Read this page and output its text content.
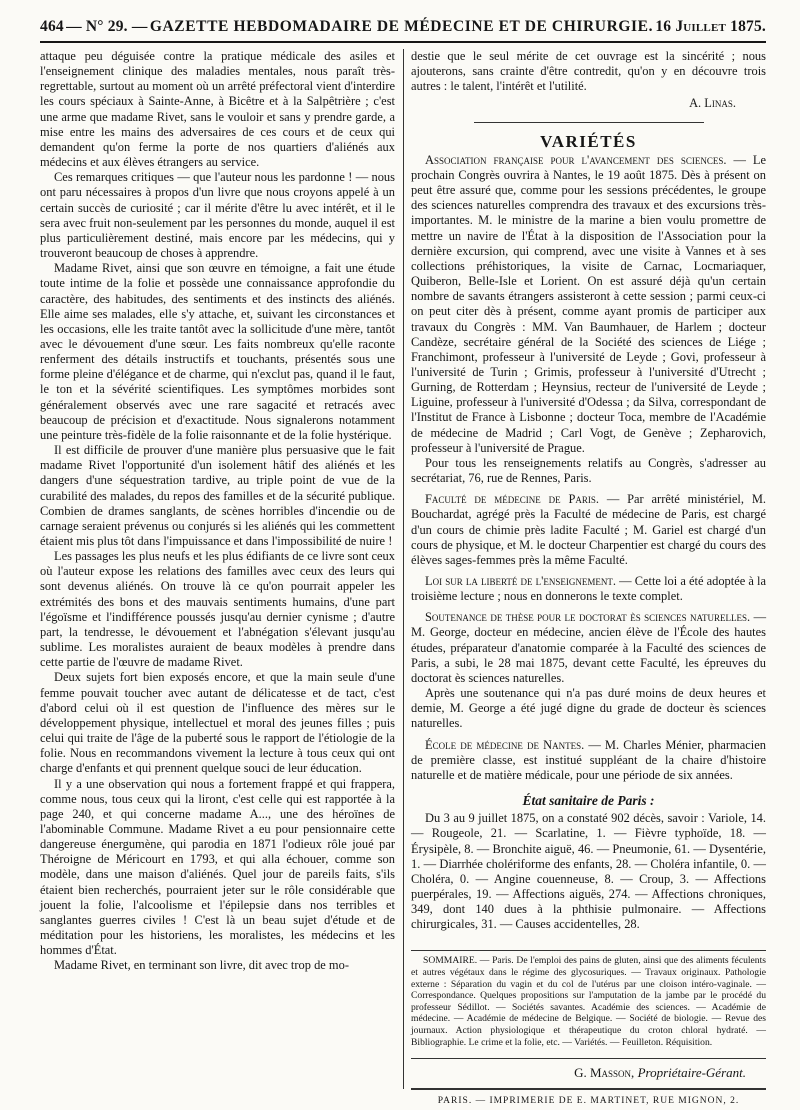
464 — N° 29. — GAZETTE HEBDOMADAIRE DE MÉDECINE ET DE CHIRURGIE. 16 Juillet 1875.

attaque peu déguisée contre la pratique médicale des asiles et l'enseignement clinique des maladies mentales, nous paraît très-regrettable, surtout au moment où un arrêté préfectoral vient d'interdire les cours spéciaux à Sainte-Anne, à Bicêtre et à la Salpêtrière ; c'est une arme que madame Rivet, sans le vouloir et sans y prendre garde, a mise entre les mains des adversaires de ces cours et de ceux qui demandent qu'on ferme la porte de nos quartiers d'aliénés aux médecins et aux élèves étrangers au service.

Ces remarques critiques — que l'auteur nous les pardonne ! — nous ont paru nécessaires à propos d'un livre que nous croyons appelé à un certain succès de curiosité ; car il mérite d'être lu avec intérêt, et il le sera avec fruit non-seulement par les personnes du monde, auquel il est plus particulièrement destiné, mais encore par les médecins, qui y trouveront beaucoup de choses à apprendre.

Madame Rivet, ainsi que son œuvre en témoigne, a fait une étude toute intime de la folie et possède une connaissance approfondie du caractère, des habitudes, des sentiments et des instincts des aliénés. Elle aime ses malades, elle s'y attache, et, suivant les circonstances et les occasions, elle les traite tantôt avec la sollicitude d'une mère, tantôt avec le dévouement d'une sœur. Les faits nombreux qu'elle raconte renferment des détails instructifs et touchants, présentés sous une forme pleine d'élégance et de charme, qui n'exclut pas, quand il le faut, le ton et la sévérité scientifiques. Les symptômes morbides sont généralement observés avec une rare sagacité et retracés avec beaucoup de précision et d'exactitude. Nous signalerons notamment une peinture très-fidèle de la folie raisonnante et de la folie hystérique.

Il est difficile de prouver d'une manière plus persuasive que le fait madame Rivet l'opportunité d'un isolement hâtif des aliénés et les dangers d'une séquestration tardive, au triple point de vue de la curabilité des malades, du repos des familles et de la sécurité publique. Combien de drames sanglants, de scènes horribles d'incendie ou de carnage seraient prévenus ou conjurés si les aliénés qui les commettent étaient mis plus tôt dans l'impuissance et dans l'impossibilité de nuire !

Les passages les plus neufs et les plus édifiants de ce livre sont ceux où l'auteur expose les relations des familles avec ceux des leurs qui sont devenus aliénés. On trouve là ce qu'on pourrait appeler les extrémités des bons et des mauvais sentiments humains, d'une part l'égoïsme et l'indifférence poussés jusqu'au dernier cynisme ; d'autre part, la tendresse, le dévouement et l'abnégation s'élevant jusqu'au sublime. Les moralistes auraient de beaux modèles à prendre dans cette partie de l'œuvre de madame Rivet.

Deux sujets fort bien exposés encore, et que la main seule d'une femme pouvait toucher avec autant de délicatesse et de tact, c'est d'abord celui où il est question de l'influence des mères sur le développement physique, intellectuel et moral des jeunes filles ; puis celui qui traite de l'âge de la puberté sous le rapport de l'étiologie de la folie. Nous en recommandons vivement la lecture à tous ceux qui ont charge d'enfants et qui prennent quelque souci de leur éducation.

Il y a une observation qui nous a fortement frappé et qui frappera, comme nous, tous ceux qui la liront, c'est celle qui est rapportée à la page 240, et qui concerne madame A..., une des héroïnes de l'abominable Commune. Madame Rivet a eu pour pensionnaire cette dangereuse énergumène, qui parodia en 1871 l'odieux rôle joué par Théroigne de Méricourt en 1793, et qui alla échouer, comme son modèle, dans une maison d'aliénés. Quel jour de pareils faits, s'ils étaient bien recherchés, pourraient jeter sur le rôle considérable que jouent la folie, l'alcoolisme et l'épilepsie dans nos terribles et sanglantes guerres civiles ! C'est là un beau sujet d'étude et de méditation pour les historiens, les moralistes, les médecins et les hommes d'État.

Madame Rivet, en terminant son livre, dit avec trop de mo-

destie que le seul mérite de cet ouvrage est la sincérité ; nous ajouterons, sans crainte d'être contredit, qu'on y en découvre trois autres : le talent, l'intérêt et l'utilité.

A. Linas.
VARIÉTÉS

Association française pour l'avancement des sciences. — Le prochain Congrès ouvrira à Nantes, le 19 août 1875. Dès à présent on peut être assuré que, comme pour les sessions précédentes, le groupe des sciences naturelles comprendra des travaux et des excursions très-importantes. M. le ministre de la marine a bien voulu promettre de mettre un navire de l'État à la disposition de l'Association pour la dernière excursion, qui comprend, avec une visite à Vannes et à ses collections préhistoriques, la visite de Carnac, Locmariaquer, Quiberon, Belle-Isle et Lorient. On est assuré déjà qu'un certain nombre de savants étrangers assisteront à cette session ; parmi ceux-ci on peut citer dès à présent, comme ayant promis de participer aux travaux du Congrès : MM. Van Baumhauer, de Harlem ; docteur Candèze, secrétaire général de la Société des sciences de Liége ; Franchimont, professeur à l'université de Leyde ; Govi, professeur à l'université de Turin ; Grimis, professeur à l'université d'Utrecht ; Gurning, de Rotterdam ; Heynsius, recteur de l'université de Leyde ; Liguine, professeur à l'université d'Odessa ; da Silva, correspondant de l'Institut de France à Lisbonne ; docteur Toca, membre de l'Académie de médecine de Madrid ; Carl Vogt, de Genève ; Zepharovich, professeur à l'université de Prague.

Pour tous les renseignements relatifs au Congrès, s'adresser au secrétariat, 76, rue de Rennes, Paris.

Faculté de médecine de Paris. — Par arrêté ministériel, M. Bouchardat, agrégé près la Faculté de médecine de Paris, est chargé d'un cours de chimie près ladite Faculté ; M. Gariel est chargé d'un cours de physique, et M. le docteur Charpentier est chargé du cours des élèves sages-femmes près la même Faculté.

Loi sur la liberté de l'enseignement. — Cette loi a été adoptée à la troisième lecture ; nous en donnerons le texte complet.

Soutenance de thèse pour le doctorat ès sciences naturelles. — M. George, docteur en médecine, ancien élève de l'École des hautes études, préparateur d'anatomie comparée à la Faculté des sciences de Paris, a subi, le 28 mai 1875, devant cette Faculté, les épreuves du doctorat ès sciences naturelles.

Après une soutenance qui n'a pas duré moins de deux heures et demie, M. George a été jugé digne du grade de docteur ès sciences naturelles.

École de médecine de Nantes. — M. Charles Ménier, pharmacien de première classe, est institué suppléant de la chaire d'histoire naturelle et de matière médicale, pour une période de six années.

État sanitaire de Paris :

Du 3 au 9 juillet 1875, on a constaté 902 décès, savoir : Variole, 14. — Rougeole, 21. — Scarlatine, 1. — Fièvre typhoïde, 18. — Érysipèle, 8. — Bronchite aiguë, 46. — Pneumonie, 61. — Dysentérie, 1. — Diarrhée cholériforme des enfants, 28. — Choléra infantile, 0. — Choléra, 0. — Angine couenneuse, 8. — Croup, 3. — Affections puerpérales, 19. — Affections aiguës, 274. — Affections chroniques, 349, dont 140 dues à la phthisie pulmonaire. — Affections chirurgicales, 31. — Causes accidentelles, 28.

SOMMAIRE. — Paris. De l'emploi des pains de gluten, ainsi que des aliments féculents et autres végétaux dans le régime des glycosuriques. — Travaux originaux. Pathologie externe : Séparation du vagin et du col de l'utérus par une cloison intéro-vaginale. — Correspondance. Quelques propositions sur l'amputation de la jambe par le procédé du professeur Sédillot. — Sociétés savantes. Académie des sciences. — Académie de médecine. — Académie de médecine de Belgique. — Société de biologie. — Revue des journaux. Action physiologique et thérapeutique du croton chloral hydraté. — Bibliographie. Le crime et la folie, etc. — Variétés. — Feuilleton. Réquisition.

G. Masson, Propriétaire-Gérant.
PARIS. — IMPRIMERIE DE E. MARTINET, RUE MIGNON, 2.
